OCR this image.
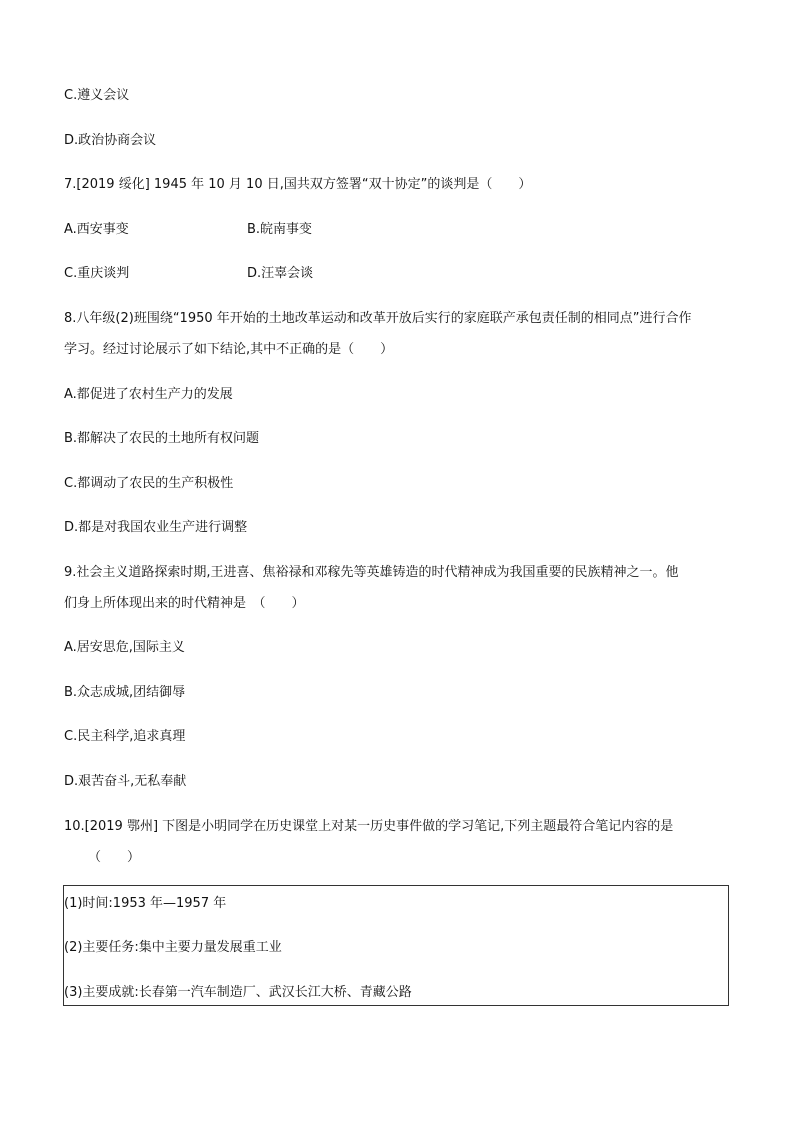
C.遵义会议
D.政治协商会议
7.[2019 绥化] 1945 年 10 月 10 日,国共双方签署“双十协定”的谈判是（　　）
A.西安事变	B.皖南事变
C.重庆谈判	D.汪辜会谈
8.八年级(2)班围绕“1950 年开始的土地改革运动和改革开放后实行的家庭联产承包责任制的相同点”进行合作
学习。经过讨论展示了如下结论,其中不正确的是（　　）
A.都促进了农村生产力的发展
B.都解决了农民的土地所有权问题
C.都调动了农民的生产积极性
D.都是对我国农业生产进行调整
9.社会主义道路探索时期,王进喜、焦裕禄和邓稼先等英雄铸造的时代精神成为我国重要的民族精神之一。他
们身上所体现出来的时代精神是　（　　）
A.居安思危,国际主义
B.众志成城,团结御辱
C.民主科学,追求真理
D.艰苦奋斗,无私奉献
10.[2019 鄂州] 下图是小明同学在历史课堂上对某一历史事件做的学习笔记,下列主题最符合笔记内容的是
（　　）
(1)时间:1953 年—1957 年
(2)主要任务:集中主要力量发展重工业
(3)主要成就:长春第一汽车制造厂、武汉长江大桥、青藏公路
